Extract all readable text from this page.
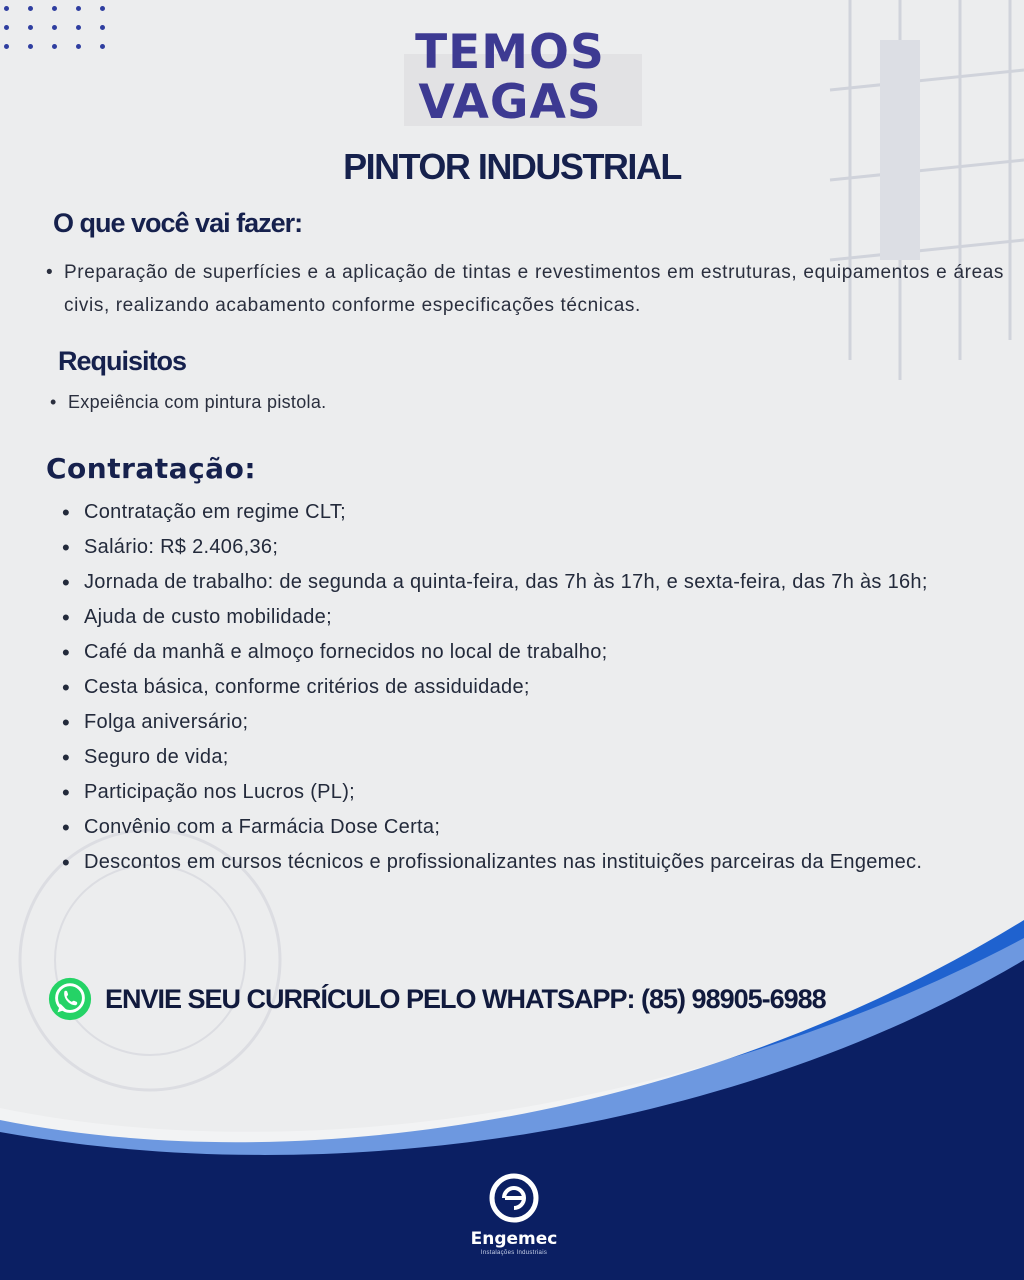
TEMOS
VAGAS
PINTOR INDUSTRIAL
O que você vai fazer:
• Preparação de superfícies e a aplicação de tintas e revestimentos em estruturas, equipamentos e áreas civis, realizando acabamento conforme especificações técnicas.
Requisitos
• Expeiência com pintura pistola.
Contratação:
• Contratação em regime CLT;
• Salário: R$ 2.406,36;
• Jornada de trabalho: de segunda a quinta-feira, das 7h às 17h, e sexta-feira, das 7h às 16h;
• Ajuda de custo mobilidade;
• Café da manhã e almoço fornecidos no local de trabalho;
• Cesta básica, conforme critérios de assiduidade;
• Folga aniversário;
• Seguro de vida;
• Participação nos Lucros (PL);
• Convênio com a Farmácia Dose Certa;
• Descontos em cursos técnicos e profissionalizantes nas instituições parceiras da Engemec.
ENVIE SEU CURRÍCULO PELO WHATSAPP: (85) 98905-6988
Engemec
Instalações Industriais
